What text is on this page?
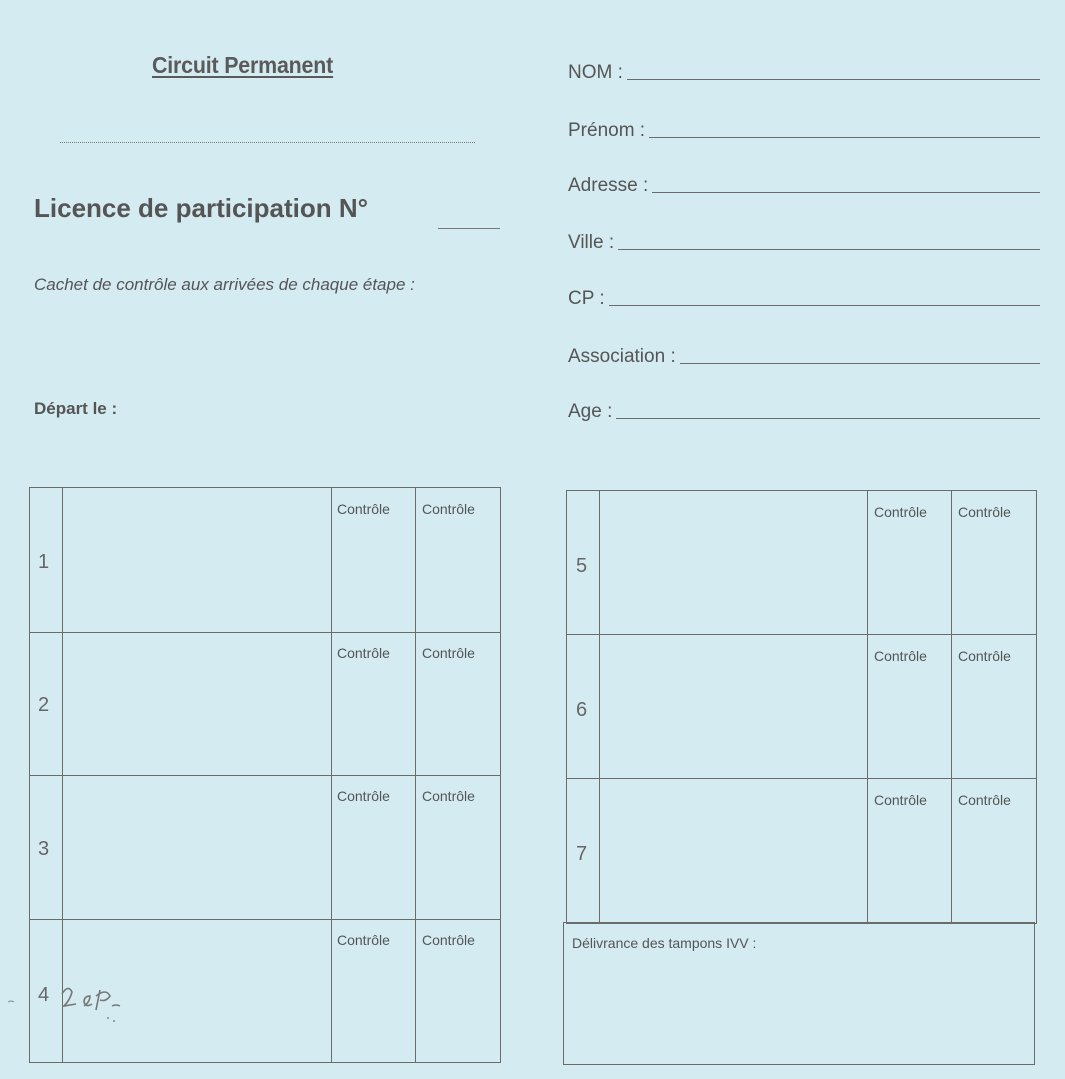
Circuit Permanent
Licence de participation N°
Cachet de contrôle aux arrivées de chaque étape :
Départ le :
NOM :
Prénom :
Adresse :
Ville :
CP :
Association :
Age :
1
2
3
4
Contrôle Contrôle
Contrôle Contrôle
Contrôle Contrôle
Contrôle Contrôle
5
6
7
Contrôle Contrôle
Contrôle Contrôle
Contrôle Contrôle
Délivrance des tampons IVV :
